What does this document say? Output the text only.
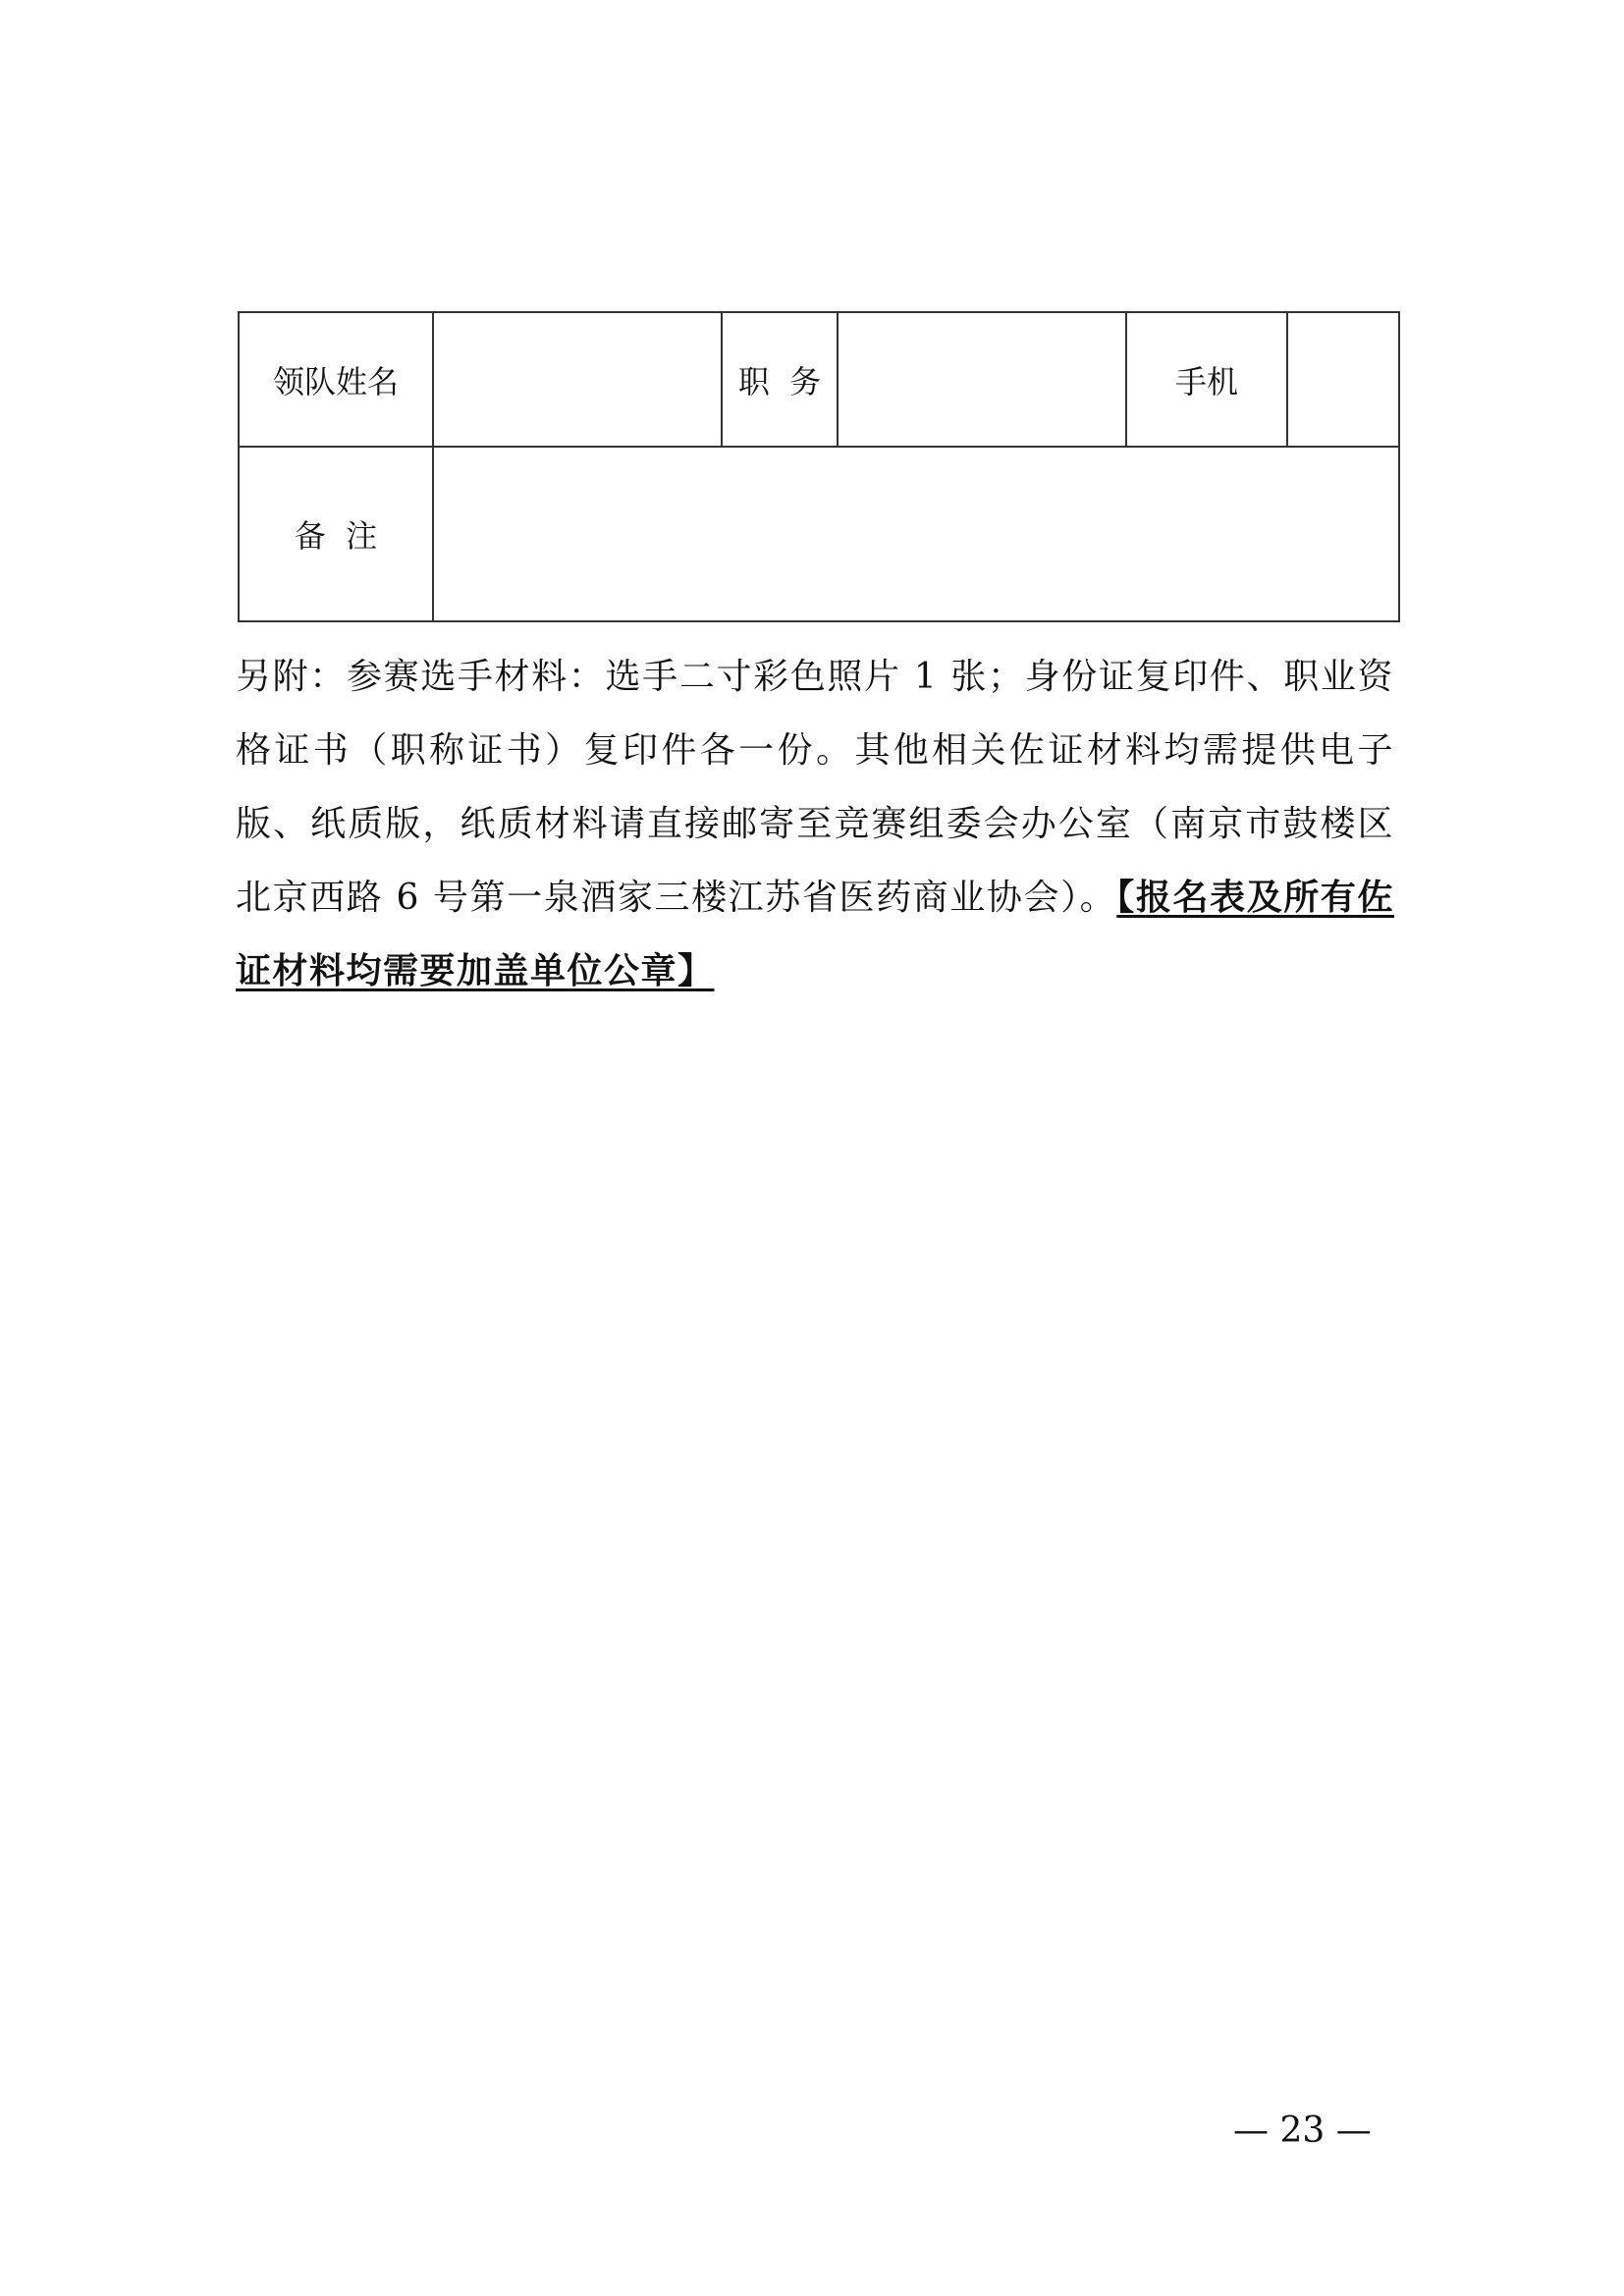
领队姓名		职  务		手机	
备  注					

另附：参赛选手材料：选手二寸彩色照片 1 张；身份证复印件、职业资格证书（职称证书）复印件各一份。其他相关佐证材料均需提供电子版、纸质版，纸质材料请直接邮寄至竞赛组委会办公室（南京市鼓楼区北京西路 6 号第一泉酒家三楼江苏省医药商业协会）。【报名表及所有佐证材料均需要加盖单位公章】

— 23 —
